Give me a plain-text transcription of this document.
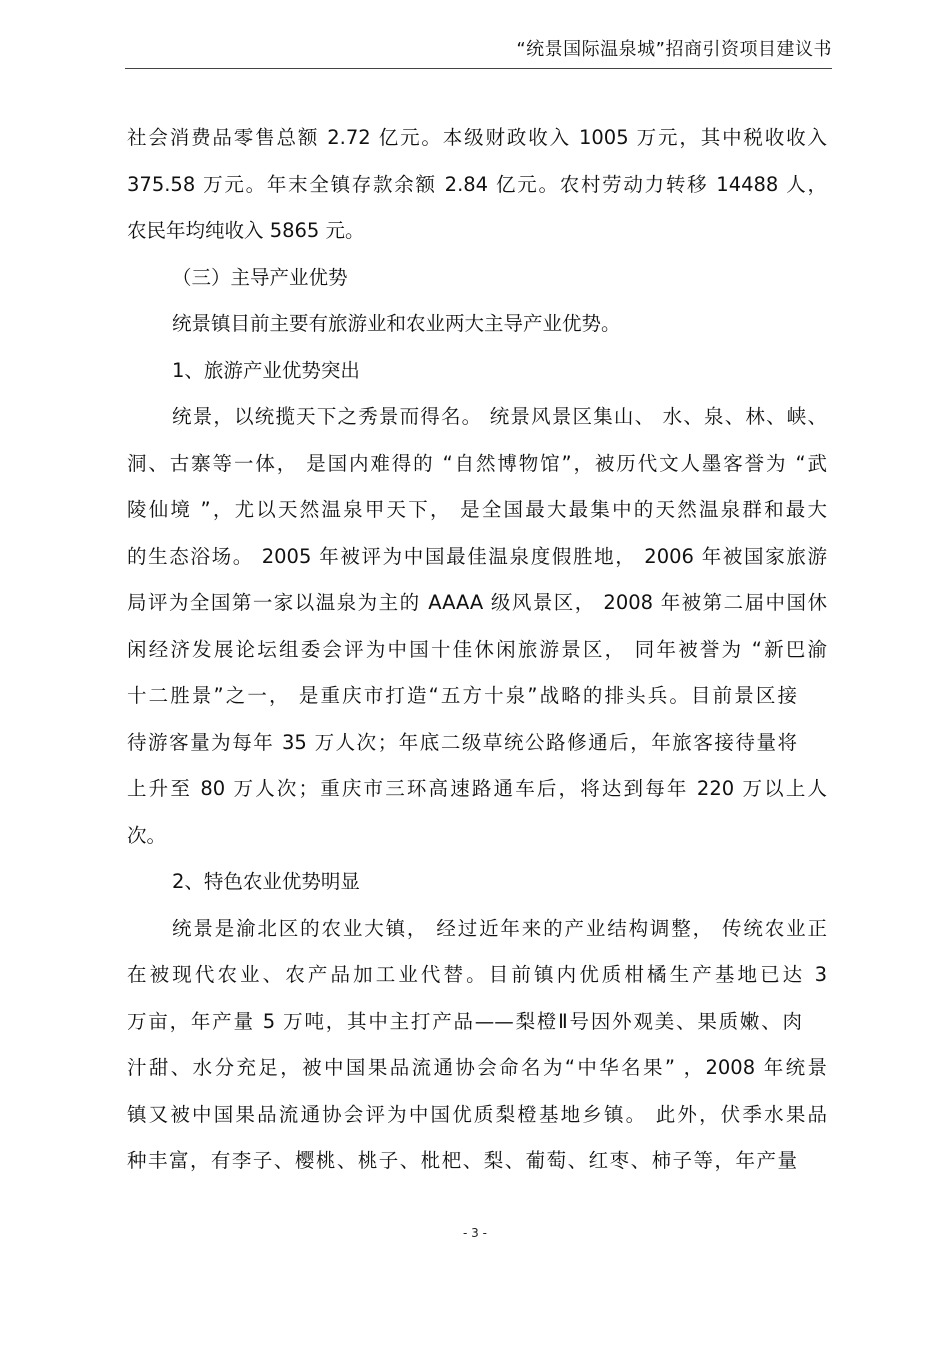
“统景国际温泉城”招商引资项目建议书
社会消费品零售总额 2.72 亿元。本级财政收入 1005 万元，其中税收收入
375.58 万元。年末全镇存款余额 2.84 亿元。农村劳动力转移 14488 人，
农民年均纯收入 5865 元。
（三）主导产业优势
统景镇目前主要有旅游业和农业两大主导产业优势。
1、旅游产业优势突出
统景，以统揽天下之秀景而得名。 统景风景区集山、 水、泉、林、峡、
洞、古寨等一体， 是国内难得的 “自然博物馆”，被历代文人墨客誉为 “武
陵仙境 ”，尤以天然温泉甲天下， 是全国最大最集中的天然温泉群和最大
的生态浴场。 2005 年被评为中国最佳温泉度假胜地， 2006 年被国家旅游
局评为全国第一家以温泉为主的 AAAA 级风景区， 2008 年被第二届中国休
闲经济发展论坛组委会评为中国十佳休闲旅游景区， 同年被誉为 “新巴渝
十二胜景”之一， 是重庆市打造“五方十泉”战略的排头兵。目前景区接
待游客量为每年 35 万人次；年底二级草统公路修通后，年旅客接待量将
上升至 80 万人次；重庆市三环高速路通车后，将达到每年 220 万以上人
次。
2、特色农业优势明显
统景是渝北区的农业大镇， 经过近年来的产业结构调整， 传统农业正
在被现代农业、农产品加工业代替。目前镇内优质柑橘生产基地已达 3
万亩，年产量 5 万吨，其中主打产品——梨橙Ⅱ号因外观美、果质嫩、肉
汁甜、水分充足，被中国果品流通协会命名为“中华名果” ，2008 年统景
镇又被中国果品流通协会评为中国优质梨橙基地乡镇。 此外，伏季水果品
种丰富，有李子、樱桃、桃子、枇杷、梨、葡萄、红枣、柿子等，年产量
- 3 -
